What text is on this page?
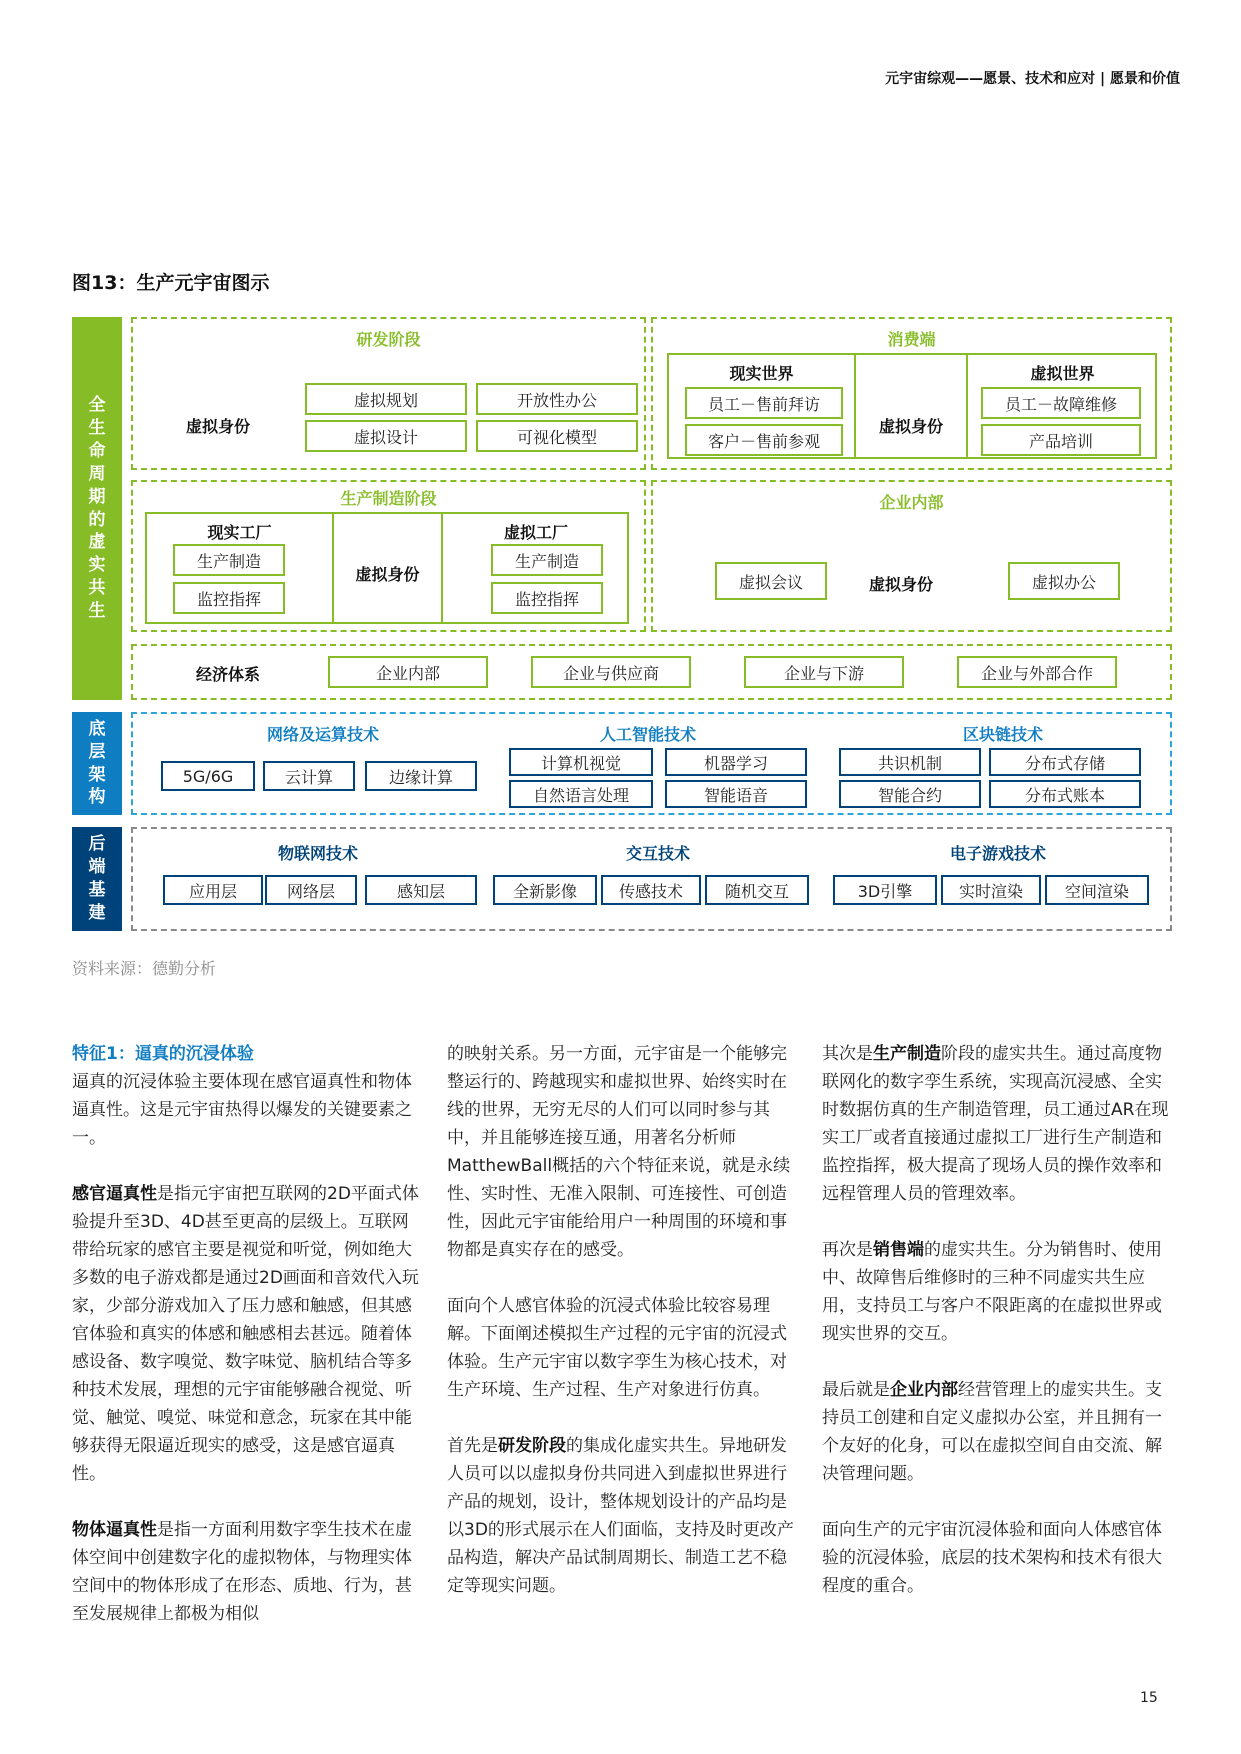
元宇宙综观——愿景、技术和应对 | 愿景和价值
图13：生产元宇宙图示
全生命周期的虚实共生
底层架构
后端基建
研发阶段
虚拟身份
虚拟规划	开放性办公
虚拟设计	可视化模型
消费端
现实世界
员工－售前拜访
客户－售前参观
虚拟身份
虚拟世界
员工－故障维修
产品培训
生产制造阶段
现实工厂
生产制造
监控指挥
虚拟身份
虚拟工厂
生产制造
监控指挥
企业内部
虚拟会议	虚拟身份	虚拟办公
经济体系	企业内部	企业与供应商	企业与下游	企业与外部合作
网络及运算技术
5G/6G	云计算	边缘计算
人工智能技术
计算机视觉	机器学习
自然语言处理	智能语音
区块链技术
共识机制	分布式存储
智能合约	分布式账本
物联网技术
应用层	网络层	感知层
交互技术
全新影像	传感技术	随机交互
电子游戏技术
3D引擎	实时渲染	空间渲染
资料来源：德勤分析
特征1：逼真的沉浸体验

逼真的沉浸体验主要体现在感官逼真性和物体逼真性。这是元宇宙热得以爆发的关键要素之一。

感官逼真性是指元宇宙把互联网的2D平面式体验提升至3D、4D甚至更高的层级上。互联网带给玩家的感官主要是视觉和听觉，例如绝大多数的电子游戏都是通过2D画面和音效代入玩家，少部分游戏加入了压力感和触感，但其感官体验和真实的体感和触感相去甚远。随着体感设备、数字嗅觉、数字味觉、脑机结合等多种技术发展，理想的元宇宙能够融合视觉、听觉、触觉、嗅觉、味觉和意念，玩家在其中能够获得无限逼近现实的感受，这是感官逼真性。

物体逼真性是指一方面利用数字孪生技术在虚体空间中创建数字化的虚拟物体，与物理实体空间中的物体形成了在形态、质地、行为，甚至发展规律上都极为相似

的映射关系。另一方面，元宇宙是一个能够完整运行的、跨越现实和虚拟世界、始终实时在线的世界，无穷无尽的人们可以同时参与其中，并且能够连接互通，用著名分析师MatthewBall概括的六个特征来说，就是永续性、实时性、无准入限制、可连接性、可创造性，因此元宇宙能给用户一种周围的环境和事物都是真实存在的感受。

面向个人感官体验的沉浸式体验比较容易理解。下面阐述模拟生产过程的元宇宙的沉浸式体验。生产元宇宙以数字孪生为核心技术，对生产环境、生产过程、生产对象进行仿真。

首先是研发阶段的集成化虚实共生。异地研发人员可以以虚拟身份共同进入到虚拟世界进行产品的规划，设计，整体规划设计的产品均是以3D的形式展示在人们面临，支持及时更改产品构造，解决产品试制周期长、制造工艺不稳定等现实问题。

其次是生产制造阶段的虚实共生。通过高度物联网化的数字孪生系统，实现高沉浸感、全实时数据仿真的生产制造管理，员工通过AR在现实工厂或者直接通过虚拟工厂进行生产制造和监控指挥，极大提高了现场人员的操作效率和远程管理人员的管理效率。

再次是销售端的虚实共生。分为销售时、使用中、故障售后维修时的三种不同虚实共生应用，支持员工与客户不限距离的在虚拟世界或现实世界的交互。

最后就是企业内部经营管理上的虚实共生。支持员工创建和自定义虚拟办公室，并且拥有一个友好的化身，可以在虚拟空间自由交流、解决管理问题。

面向生产的元宇宙沉浸体验和面向人体感官体验的沉浸体验，底层的技术架构和技术有很大程度的重合。

15
